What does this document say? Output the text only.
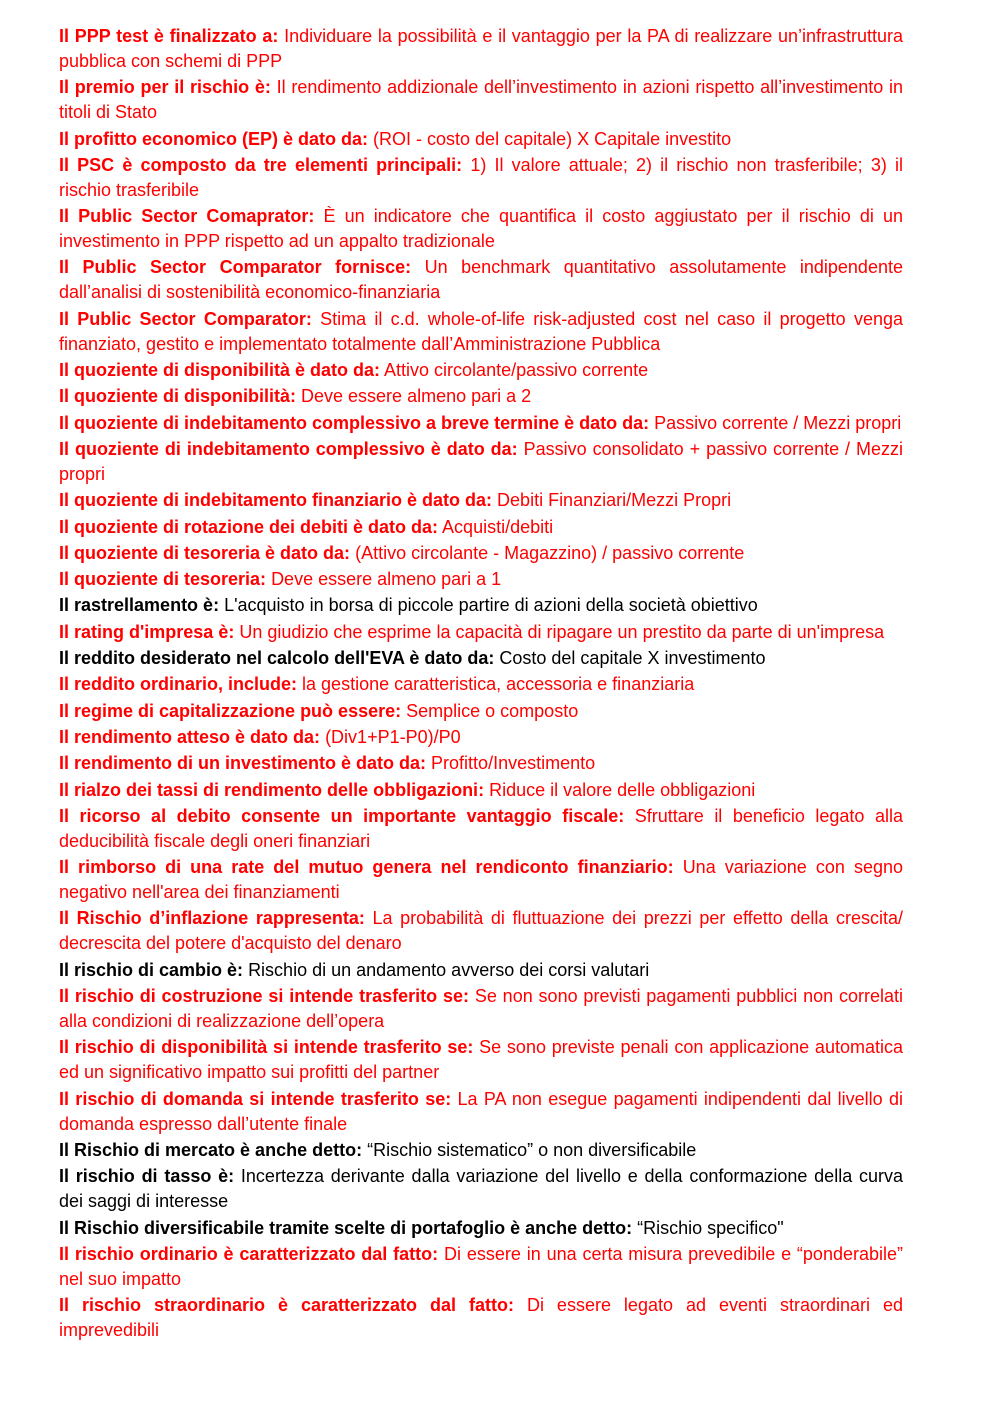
Il PPP test è finalizzato a: Individuare la possibilità e il vantaggio per la PA di realizzare un’infrastruttura pubblica con schemi di PPP

Il premio per il rischio è: Il rendimento addizionale dell’investimento in azioni rispetto all’investimento in titoli di Stato

Il profitto economico (EP) è dato da: (ROI - costo del capitale) X Capitale investito

Il PSC è composto da tre elementi principali: 1) Il valore attuale; 2) il rischio non trasferibile; 3) il rischio trasferibile

Il Public Sector Comaprator: È un indicatore che quantifica il costo aggiustato per il rischio di un investimento in PPP rispetto ad un appalto tradizionale

Il Public Sector Comparator fornisce: Un benchmark quantitativo assolutamente indipendente dall’analisi di sostenibilità economico-finanziaria

Il Public Sector Comparator: Stima il c.d. whole-of-life risk-adjusted cost nel caso il progetto venga finanziato, gestito e implementato totalmente dall’Amministrazione Pubblica

Il quoziente di disponibilità è dato da: Attivo circolante/passivo corrente

Il quoziente di disponibilità: Deve essere almeno pari a 2

Il quoziente di indebitamento complessivo a breve termine è dato da: Passivo corrente / Mezzi propri

Il quoziente di indebitamento complessivo è dato da: Passivo consolidato + passivo corrente / Mezzi propri

Il quoziente di indebitamento finanziario è dato da: Debiti Finanziari/Mezzi Propri

Il quoziente di rotazione dei debiti è dato da: Acquisti/debiti

Il quoziente di tesoreria è dato da: (Attivo circolante - Magazzino) / passivo corrente

Il quoziente di tesoreria: Deve essere almeno pari a 1

Il rastrellamento è: L'acquisto in borsa di piccole partire di azioni della società obiettivo

Il rating d'impresa è: Un giudizio che esprime la capacità di ripagare un prestito da parte di un'impresa

Il reddito desiderato nel calcolo dell'EVA è dato da: Costo del capitale X investimento

Il reddito ordinario, include: la gestione caratteristica, accessoria e finanziaria

Il regime di capitalizzazione può essere: Semplice o composto

Il rendimento atteso è dato da: (Div1+P1-P0)/P0

Il rendimento di un investimento è dato da: Profitto/Investimento

Il rialzo dei tassi di rendimento delle obbligazioni: Riduce il valore delle obbligazioni

Il ricorso al debito consente un importante vantaggio fiscale: Sfruttare il beneficio legato alla deducibilità fiscale degli oneri finanziari

Il rimborso di una rate del mutuo genera nel rendiconto finanziario: Una variazione con segno negativo nell'area dei finanziamenti

Il Rischio d’inflazione rappresenta: La probabilità di fluttuazione dei prezzi per effetto della crescita/ decrescita del potere d'acquisto del denaro

Il rischio di cambio è: Rischio di un andamento avverso dei corsi valutari

Il rischio di costruzione si intende trasferito se: Se non sono previsti pagamenti pubblici non correlati alla condizioni di realizzazione dell’opera

Il rischio di disponibilità si intende trasferito se: Se sono previste penali con applicazione automatica ed un significativo impatto sui profitti del partner

Il rischio di domanda si intende trasferito se: La PA non esegue pagamenti indipendenti dal livello di domanda espresso dall’utente finale

Il Rischio di mercato è anche detto: “Rischio sistematico” o non diversificabile

Il rischio di tasso è: Incertezza derivante dalla variazione del livello e della conformazione della curva dei saggi di interesse

Il Rischio diversificabile tramite scelte di portafoglio è anche detto: “Rischio specifico"

Il rischio ordinario è caratterizzato dal fatto: Di essere in una certa misura prevedibile e “ponderabile” nel suo impatto

Il rischio straordinario è caratterizzato dal fatto: Di essere legato ad eventi straordinari ed imprevedibili
